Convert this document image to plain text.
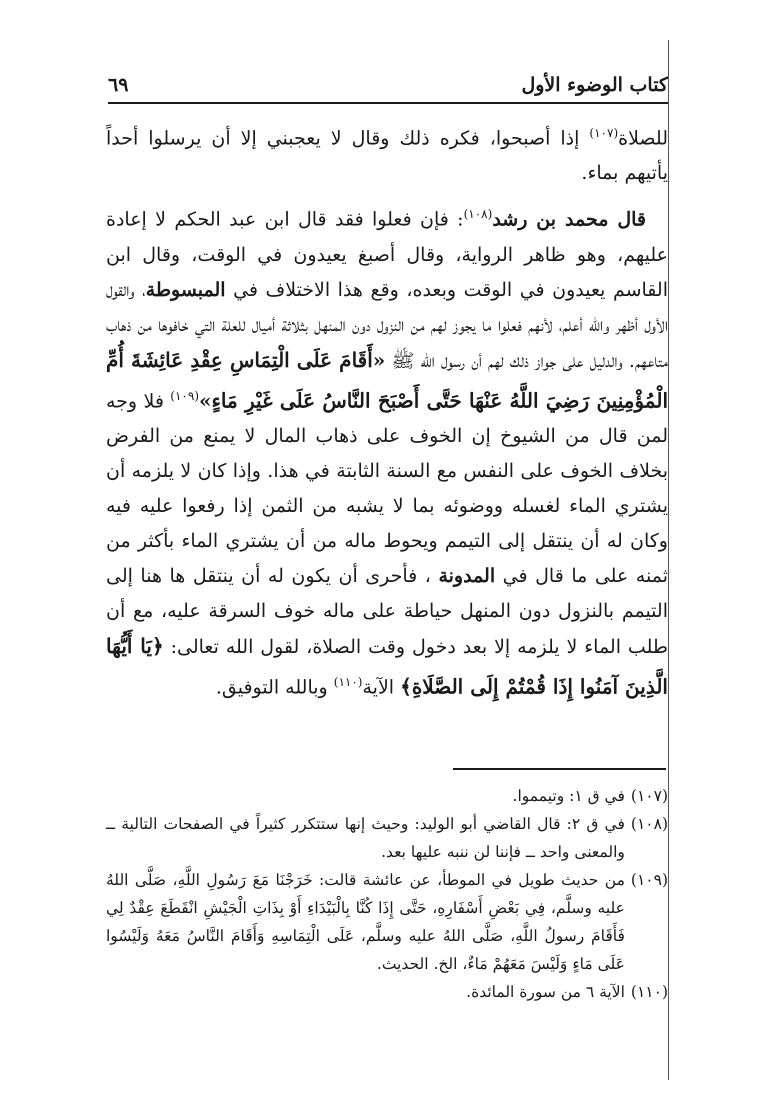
كتاب الوضوء الأول
٦٩

للصلاة$^{(١٠٧)}$ إذا أصبحوا، فكره ذلك وقال لا يعجبني إلا أن يرسلوا أحداً يأتيهم بماء.

قال محمد بن رشد$^{(١٠٨)}$: فإن فعلوا فقد قال ابن عبد الحكم لا إعادة عليهم، وهو ظاهر الرواية، وقال أصبغ يعيدون في الوقت، وقال ابن القاسم يعيدون في الوقت وبعده، وقع هذا الاختلاف في المبسوطة، والقول الأول أظهر والله أعلم، لأنهم فعلوا ما يجوز لهم من النزول دون المنهل بثلاثة أميال للعلة التي خافوها من ذهاب متاعهم. والدليل على جواز ذلك لهم أن رسول الله ﷺ «أَقَامَ عَلَى الْتِمَاسِ عِقْدِ عَائِشَةَ أُمِّ الْمُؤْمِنِينَ رَضِيَ اللَّهُ عَنْهَا حَتَّى أَصْبَحَ النَّاسُ عَلَى غَيْرِ مَاءٍ»$^{(١٠٩)}$ فلا وجه لمن قال من الشيوخ إن الخوف على ذهاب المال لا يمنع من الفرض بخلاف الخوف على النفس مع السنة الثابتة في هذا. وإذا كان لا يلزمه أن يشتري الماء لغسله ووضوئه بما لا يشبه من الثمن إذا رفعوا عليه فيه وكان له أن ينتقل إلى التيمم ويحوط ماله من أن يشتري الماء بأكثر من ثمنه على ما قال في المدونة ، فأحرى أن يكون له أن ينتقل ها هنا إلى التيمم بالنزول دون المنهل حياطة على ماله خوف السرقة عليه، مع أن طلب الماء لا يلزمه إلا بعد دخول وقت الصلاة، لقول الله تعالى: ﴿يَا أَيُّهَا الَّذِينَ آمَنُوا إِذَا قُمْتُمْ إِلَى الصَّلَاةِ﴾ الآية$^{(١١٠)}$ وبالله التوفيق.

(١٠٧)
في ق ١: وتيمموا.

(١٠٨)
في ق ٢: قال القاضي أبو الوليد: وحيث إنها ستتكرر كثيراً في الصفحات التالية ــ والمعنى واحد ــ فإننا لن ننبه عليها بعد.

(١٠٩)
من حديث طويل في الموطأ، عن عائشة قالت: خَرَجْنَا مَعَ رَسُولِ اللَّهِ، صَلَّى اللهُ عليه وسلَّم، فِي بَعْضِ أَسْفَارِهِ، حَتَّى إِذَا كُنَّا بِالْبَيْدَاءِ أَوْ بِذَاتِ الْجَيْشِ انْقَطَعَ عِقْدٌ لِي فَأَقَامَ رسولُ اللَّهِ، صَلَّى اللهُ عليه وسلَّم، عَلَى الْتِمَاسِهِ وَأَقَامَ النَّاسُ مَعَهُ وَلَيْسُوا عَلَى مَاءٍ وَلَيْسَ مَعَهُمْ مَاءٌ، الخ. الحديث.

(١١٠)
الآية ٦ من سورة المائدة.
